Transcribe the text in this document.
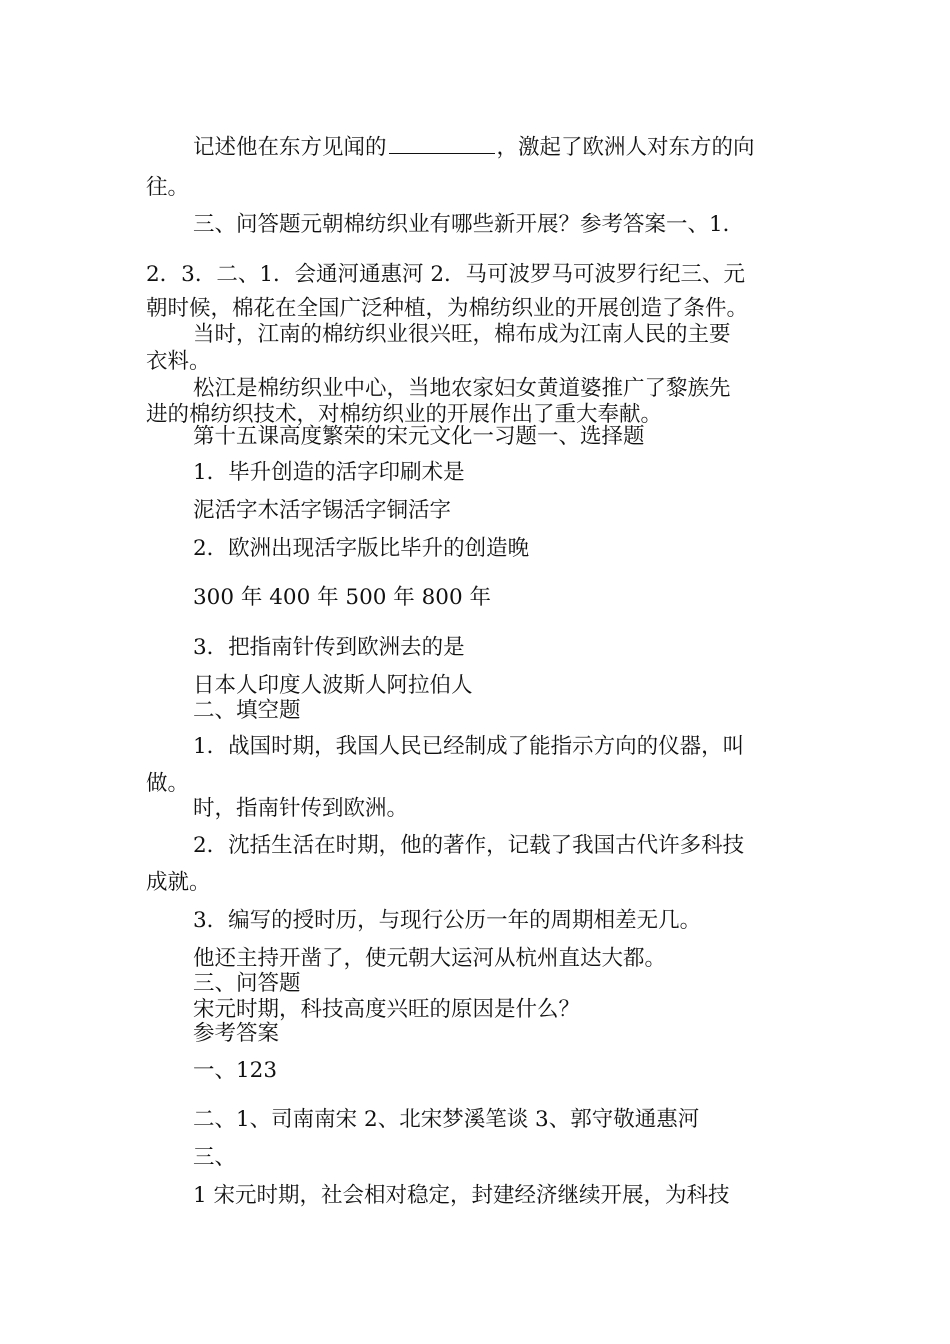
记述他在东方见闻的	，激起了欧洲人对东方的向
往。
三、问答题元朝棉纺织业有哪些新开展？参考答案一、1．
2．3．二、1．会通河通惠河 2．马可波罗马可波罗行纪三、元
朝时候，棉花在全国广泛种植，为棉纺织业的开展创造了条件。
当时，江南的棉纺织业很兴旺，棉布成为江南人民的主要
衣料。
松江是棉纺织业中心，当地农家妇女黄道婆推广了黎族先
进的棉纺织技术，对棉纺织业的开展作出了重大奉献。
第十五课高度繁荣的宋元文化一习题一、选择题
1．毕升创造的活字印刷术是
泥活字木活字锡活字铜活字
2．欧洲出现活字版比毕升的创造晚
300 年 400 年 500 年 800 年
3．把指南针传到欧洲去的是
日本人印度人波斯人阿拉伯人
二、填空题
1．战国时期，我国人民已经制成了能指示方向的仪器，叫
做。
时，指南针传到欧洲。
2．沈括生活在时期，他的著作，记载了我国古代许多科技
成就。
3．编写的授时历，与现行公历一年的周期相差无几。
他还主持开凿了，使元朝大运河从杭州直达大都。
三、问答题
宋元时期，科技高度兴旺的原因是什么？
参考答案
一、123
二、1、司南南宋 2、北宋梦溪笔谈 3、郭守敬通惠河
三、
1 宋元时期，社会相对稳定，封建经济继续开展，为科技
